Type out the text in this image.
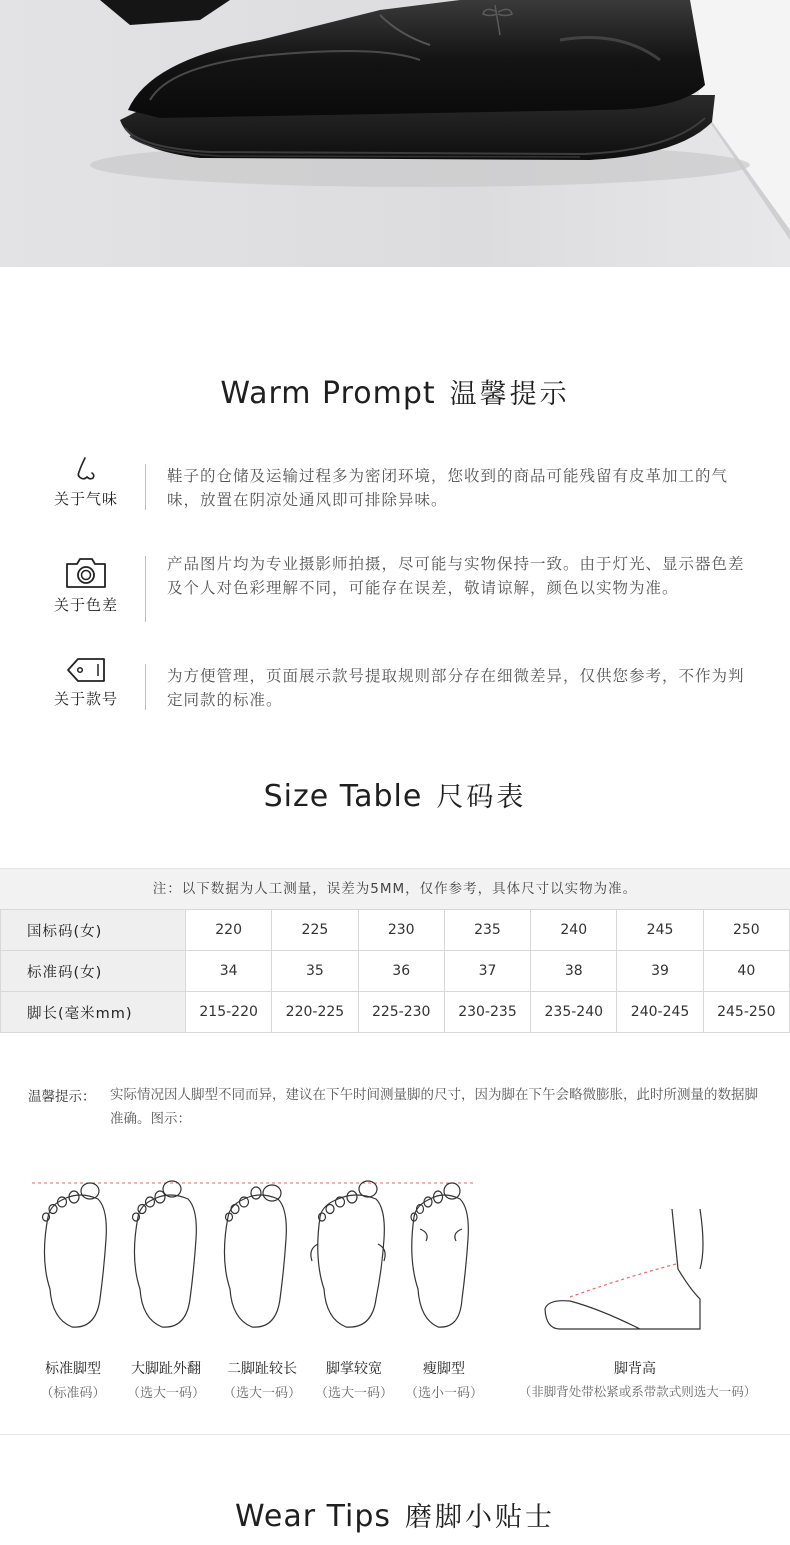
Warm Prompt 温馨提示
关于气味
鞋子的仓储及运输过程多为密闭环境，您收到的商品可能残留有皮革加工的气味，放置在阴凉处通风即可排除异味。
关于色差
产品图片均为专业摄影师拍摄，尽可能与实物保持一致。由于灯光、显示器色差及个人对色彩理解不同，可能存在误差，敬请谅解，颜色以实物为准。
关于款号
为方便管理，页面展示款号提取规则部分存在细微差异，仅供您参考，不作为判定同款的标准。
Size Table 尺码表
注：以下数据为人工测量，误差为5MM，仅作参考，具体尺寸以实物为准。
国标码(女)	220	225	230	235	240	245	250
标准码(女)	34	35	36	37	38	39	40
脚长(毫米mm)	215-220	220-225	225-230	230-235	235-240	240-245	245-250
温馨提示： 实际情况因人脚型不同而异，建议在下午时间测量脚的尺寸，因为脚在下午会略微膨胀，此时所测量的数据脚准确。图示：
标准脚型
（标准码）
大脚趾外翻
（选大一码）
二脚趾较长
（选大一码）
脚掌较宽
（选大一码）
瘦脚型
（选小一码）
脚背高
（非脚背处带松紧或系带款式则选大一码）
Wear Tips 磨脚小贴士
